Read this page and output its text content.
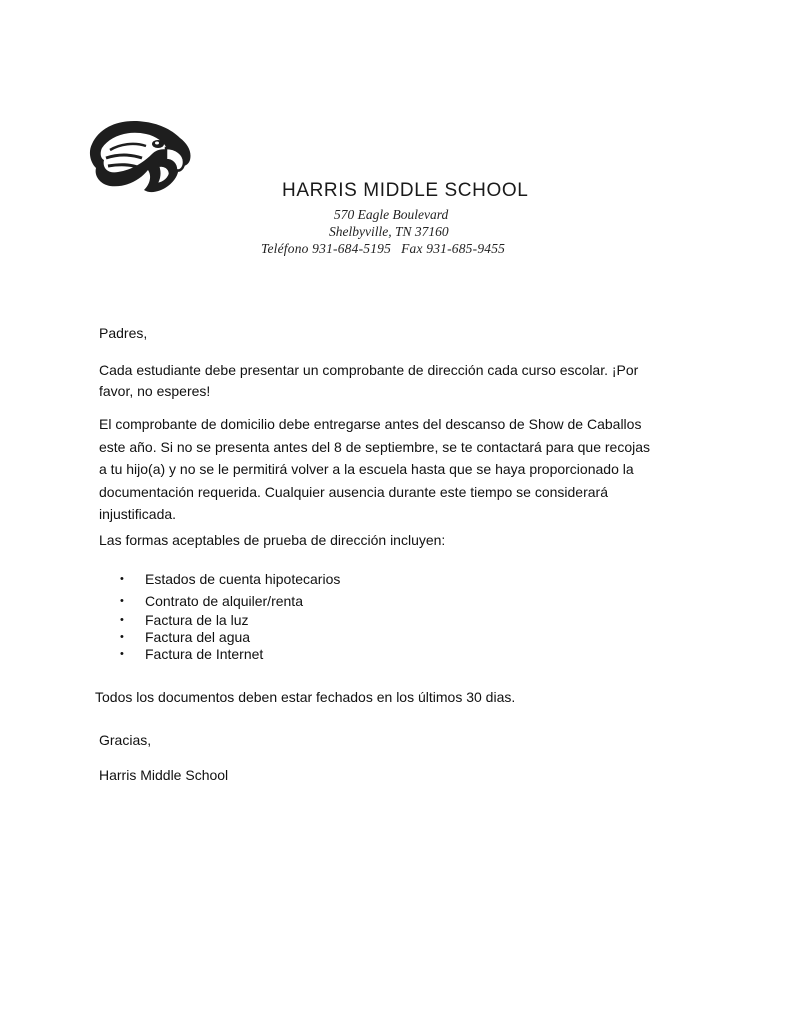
HARRIS MIDDLE SCHOOL
570 Eagle Boulevard
Shelbyville, TN 37160
Teléfono 931-684-5195 Fax 931-685-9455
Padres,
Cada estudiante debe presentar un comprobante de dirección cada curso escolar. ¡Por
favor, no esperes!
El comprobante de domicilio debe entregarse antes del descanso de Show de Caballos
este año. Si no se presenta antes del 8 de septiembre, se te contactará para que recojas
a tu hijo(a) y no se le permitirá volver a la escuela hasta que se haya proporcionado la
documentación requerida. Cualquier ausencia durante este tiempo se considerará
injustificada.
Las formas aceptables de prueba de dirección incluyen:
• Estados de cuenta hipotecarios
• Contrato de alquiler/renta
• Factura de la luz
• Factura del agua
• Factura de Internet
Todos los documentos deben estar fechados en los últimos 30 dias.
Gracias,
Harris Middle School
